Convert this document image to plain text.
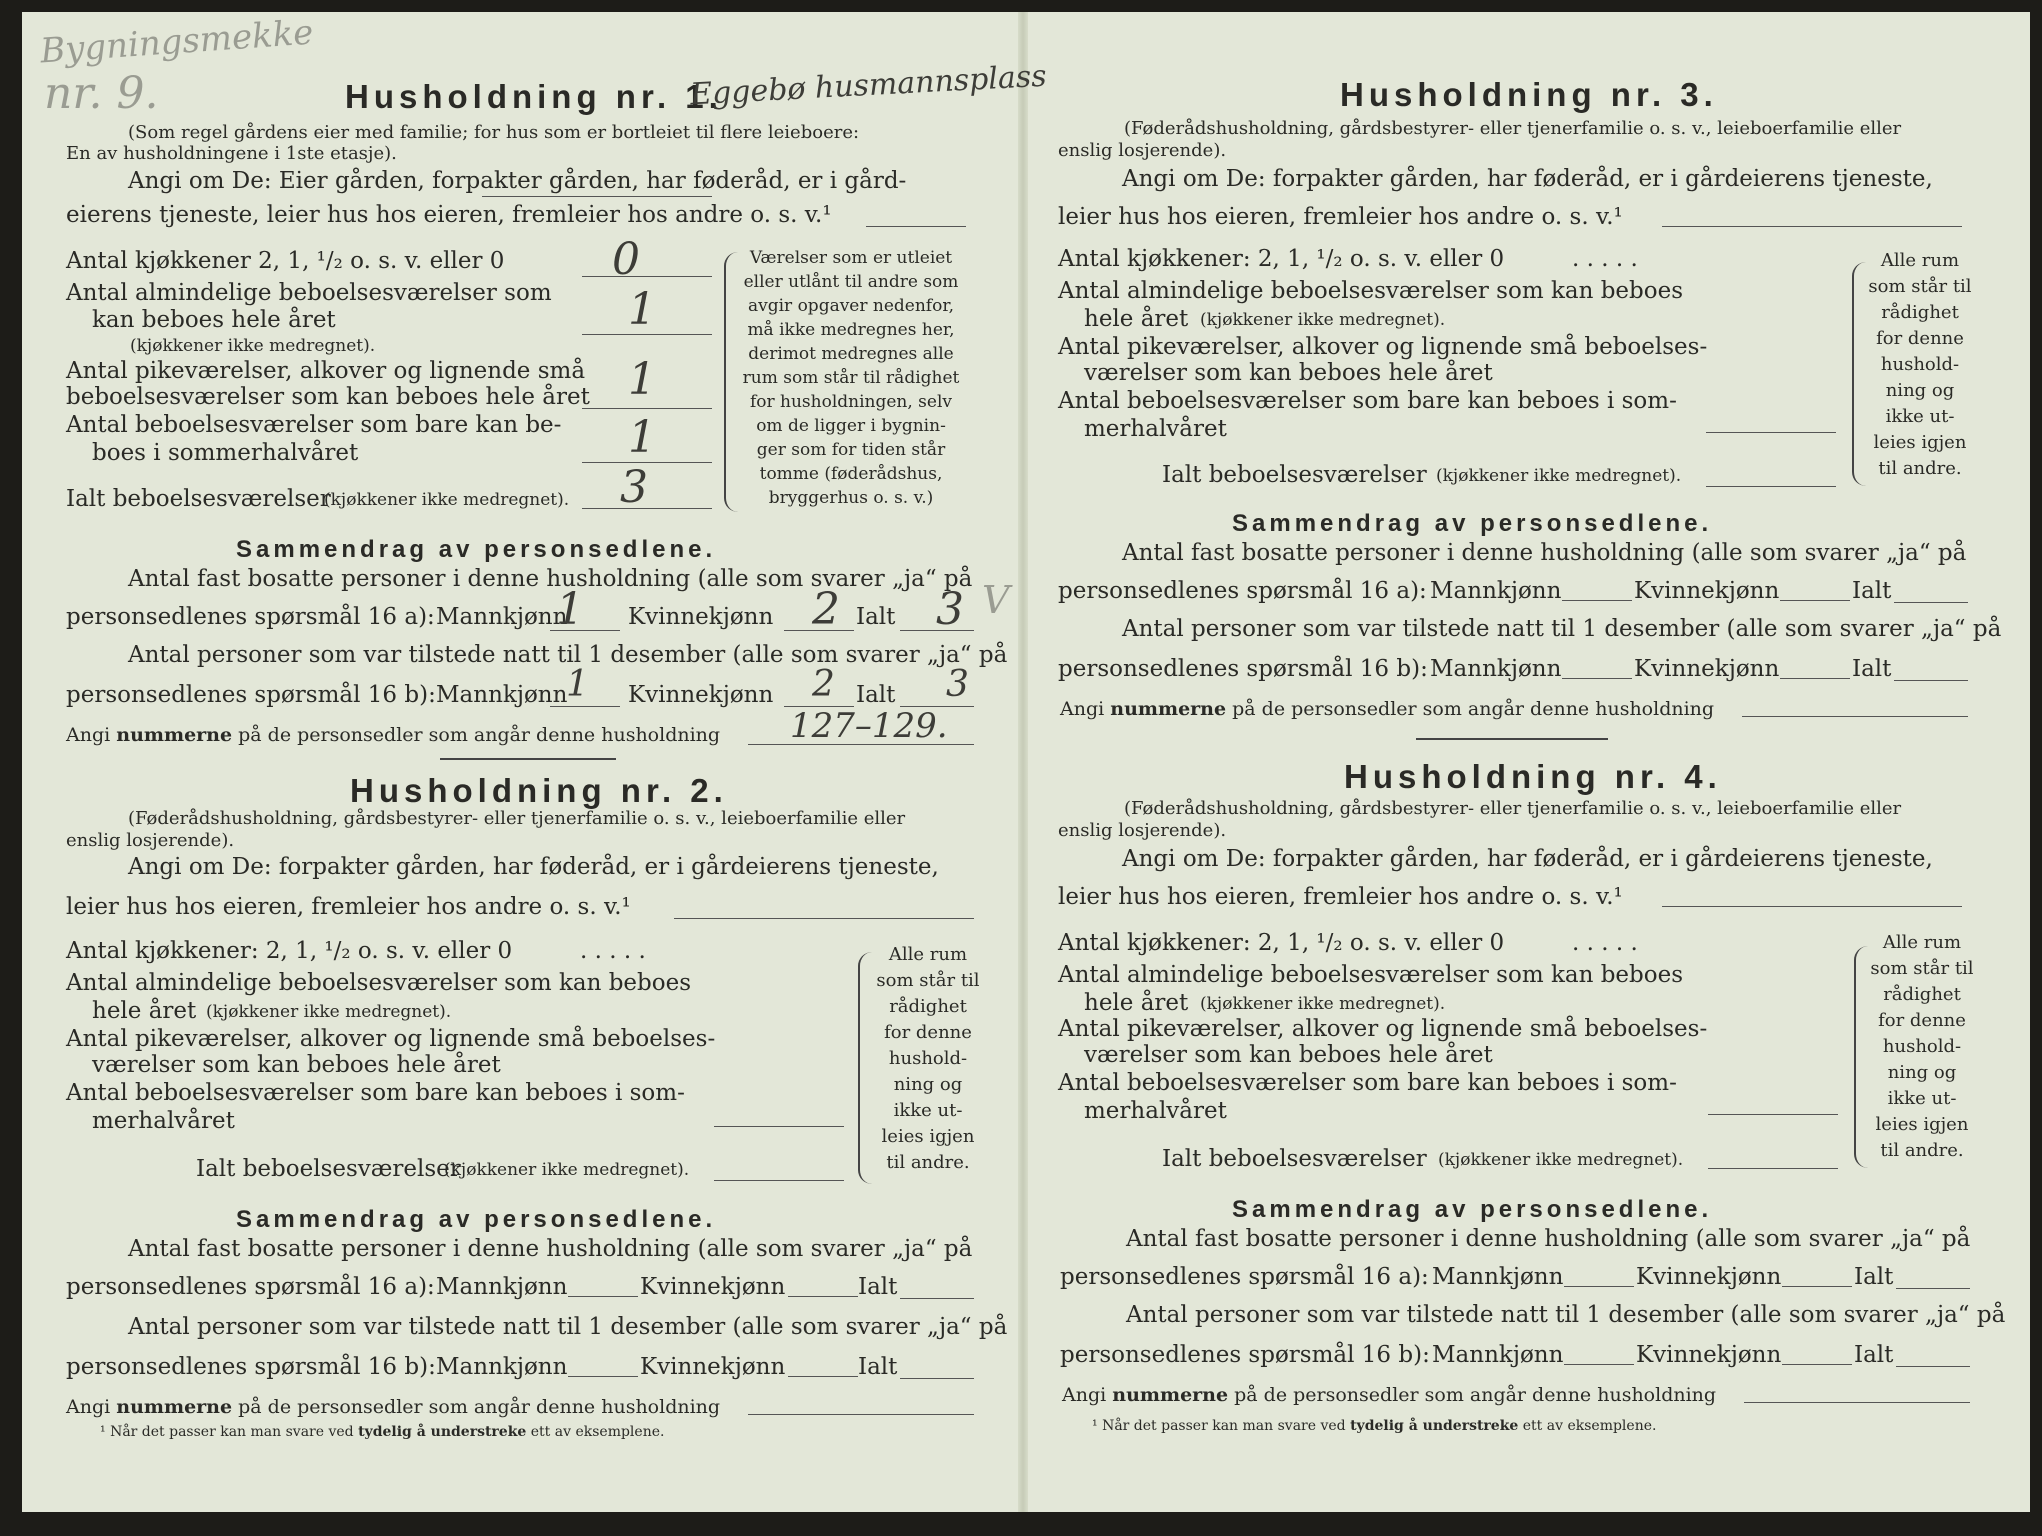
Bygningsmekke
nr. 9.	Husholdning nr. 1.
Eggebø husmannsplass
(Som regel gårdens eier med familie; for hus som er bortleiet til flere leieboere:
En av husholdningene i 1ste etasje).
Angi om De: Eier gården, forpakter gården, har føderåd, er i gård-
eierens tjeneste, leier hus hos eieren, fremleier hos andre o. s. v.¹
Antal kjøkkener 2, 1, ¹/₂ o. s. v. eller 0 0
Antal almindelige beboelsesværelser som
kan beboes hele året
(kjøkkener ikke medregnet).
1
Antal pikeværelser, alkover og lignende små
beboelsesværelser som kan beboes hele året 1
Antal beboelsesværelser som bare kan be-
boes i sommerhalvåret	1
Ialt beboelsesværelser
(kjøkkener ikke medregnet). 3
Værelser som er utleiet
eller utlånt til andre som
avgir opgaver nedenfor,
må ikke medregnes her,
derimot medregnes alle
rum som står til rådighet
for husholdningen, selv
om de ligger i bygnin-
ger som for tiden står
tomme (føderådshus,
bryggerhus o. s. v.)
Sammendrag av personsedlene.
Antal fast bosatte personer i denne husholdning (alle som svarer „ja“ på
personsedlenes spørsmål 16 a): Mannkjønn
1 Kvinnekjønn 2 Ialt 3 V
Antal personer som var tilstede natt til 1 desember (alle som svarer „ja“ på
personsedlenes spørsmål 16 b): Mannkjønn
1 Kvinnekjønn 2 Ialt 3
Angi nummerne på de personsedler som angår denne husholdning 127–129.
Husholdning nr. 2.
(Føderådshusholdning, gårdsbestyrer- eller tjenerfamilie o. s. v., leieboerfamilie eller
enslig losjerende).
Angi om De: forpakter gården, har føderåd, er i gårdeierens tjeneste,
leier hus hos eieren, fremleier hos andre o. s. v.¹
Antal kjøkkener: 2, 1, ¹/₂ o. s. v. eller 0	. . . . .
Antal almindelige beboelsesværelser som kan beboes
hele året (kjøkkener ikke medregnet).
Antal pikeværelser, alkover og lignende små beboelses-
værelser som kan beboes hele året
Antal beboelsesværelser som bare kan beboes i som-
merhalvåret
Ialt beboelsesværelser
(kjøkkener ikke medregnet).
Alle rum
som står til
rådighet
for denne
hushold-
ning og
ikke ut-
leies igjen
til andre.
Sammendrag av personsedlene.
Antal fast bosatte personer i denne husholdning (alle som svarer „ja“ på
personsedlenes spørsmål 16 a): Mannkjønn	Kvinnekjønn	Ialt
Antal personer som var tilstede natt til 1 desember (alle som svarer „ja“ på
personsedlenes spørsmål 16 b): Mannkjønn	Kvinnekjønn	Ialt
Angi nummerne på de personsedler som angår denne husholdning
¹ Når det passer kan man svare ved tydelig å understreke ett av eksemplene.
Husholdning nr. 3.
(Føderådshusholdning, gårdsbestyrer- eller tjenerfamilie o. s. v., leieboerfamilie eller
enslig losjerende).
Angi om De: forpakter gården, har føderåd, er i gårdeierens tjeneste,
leier hus hos eieren, fremleier hos andre o. s. v.¹
Antal kjøkkener: 2, 1, ¹/₂ o. s. v. eller 0	. . . . .
Antal almindelige beboelsesværelser som kan beboes
hele året (kjøkkener ikke medregnet).
Antal pikeværelser, alkover og lignende små beboelses-
værelser som kan beboes hele året
Antal beboelsesværelser som bare kan beboes i som-
merhalvåret
Ialt beboelsesværelser (kjøkkener ikke medregnet).
Alle rum
som står til
rådighet
for denne
hushold-
ning og
ikke ut-
leies igjen
til andre.
Sammendrag av personsedlene.
Antal fast bosatte personer i denne husholdning (alle som svarer „ja“ på
personsedlenes spørsmål 16 a): Mannkjønn	Kvinnekjønn	Ialt
Antal personer som var tilstede natt til 1 desember (alle som svarer „ja“ på
personsedlenes spørsmål 16 b): Mannkjønn	Kvinnekjønn	Ialt
Angi nummerne på de personsedler som angår denne husholdning
Husholdning nr. 4.
(Føderådshusholdning, gårdsbestyrer- eller tjenerfamilie o. s. v., leieboerfamilie eller
enslig losjerende).
Angi om De: forpakter gården, har føderåd, er i gårdeierens tjeneste,
leier hus hos eieren, fremleier hos andre o. s. v.¹
Antal kjøkkener: 2, 1, ¹/₂ o. s. v. eller 0	. . . . .
Antal almindelige beboelsesværelser som kan beboes
hele året (kjøkkener ikke medregnet).
Antal pikeværelser, alkover og lignende små beboelses-
værelser som kan beboes hele året
Antal beboelsesværelser som bare kan beboes i som-
merhalvåret
Ialt beboelsesværelser (kjøkkener ikke medregnet).
Alle rum
som står til
rådighet
for denne
hushold-
ning og
ikke ut-
leies igjen
til andre.
Sammendrag av personsedlene.
Antal fast bosatte personer i denne husholdning (alle som svarer „ja“ på
personsedlenes spørsmål 16 a): Mannkjønn	Kvinnekjønn	Ialt
Antal personer som var tilstede natt til 1 desember (alle som svarer „ja“ på
personsedlenes spørsmål 16 b): Mannkjønn	Kvinnekjønn	Ialt
Angi nummerne på de personsedler som angår denne husholdning
¹ Når det passer kan man svare ved tydelig å understreke ett av eksemplene.
